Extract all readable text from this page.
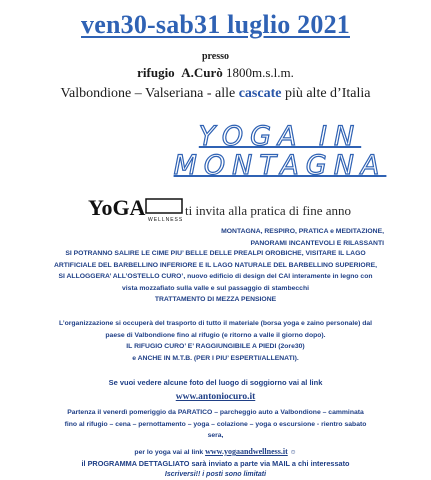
ven30-sab31 luglio 2021
presso
rifugio A.Curò 1800m.s.l.m.
Valbondione – Valseriana - alle cascate più alte d’Italia
YOGA IN
MONTAGNA
YoGA WELLNESS
ti invita alla pratica di fine anno

MONTAGNA, RESPIRO, PRATICA e MEDITAZIONE,
PANORAMI INCANTEVOLI E RILASSANTI

SI POTRANNO SALIRE LE CIME PIU’ BELLE DELLE PREALPI OROBICHE, VISITARE IL LAGO
ARTIFICIALE DEL BARBELLINO INFERIORE E IL LAGO NATURALE DEL BARBELLINO SUPERIORE,
SI ALLOGGERA’ ALL’OSTELLO CURO’, nuovo edificio di design del CAI interamente in legno con
vista mozzafiato sulla valle e sul passaggio di stambecchi
TRATTAMENTO DI MEZZA PENSIONE

L’organizzazione si occuperà del trasporto di tutto il materiale (borsa yoga e zaino personale) dal
paese di Valbondione fino al rifugio (e ritorno a valle il giorno dopo).
IL RIFUGIO CURO’ E’ RAGGIUNGIBILE A PIEDI (2ore30)
e ANCHE IN M.T.B. (PER I PIU’ ESPERTI/ALLENATI).

Se vuoi vedere alcune foto del luogo di soggiorno vai al link
www.antoniocuro.it

Partenza il venerdì pomeriggio da PARATICO – parcheggio auto a Valbondione – camminata
fino al rifugio – cena – pernottamento – yoga – colazione – yoga o escursione - rientro sabato
sera,

per lo yoga vai al link www.yogaandwellness.it ☺
il PROGRAMMA DETTAGLIATO sarà inviato a parte via MAIL a chi interessato
Iscriversi!! i posti sono limitati
